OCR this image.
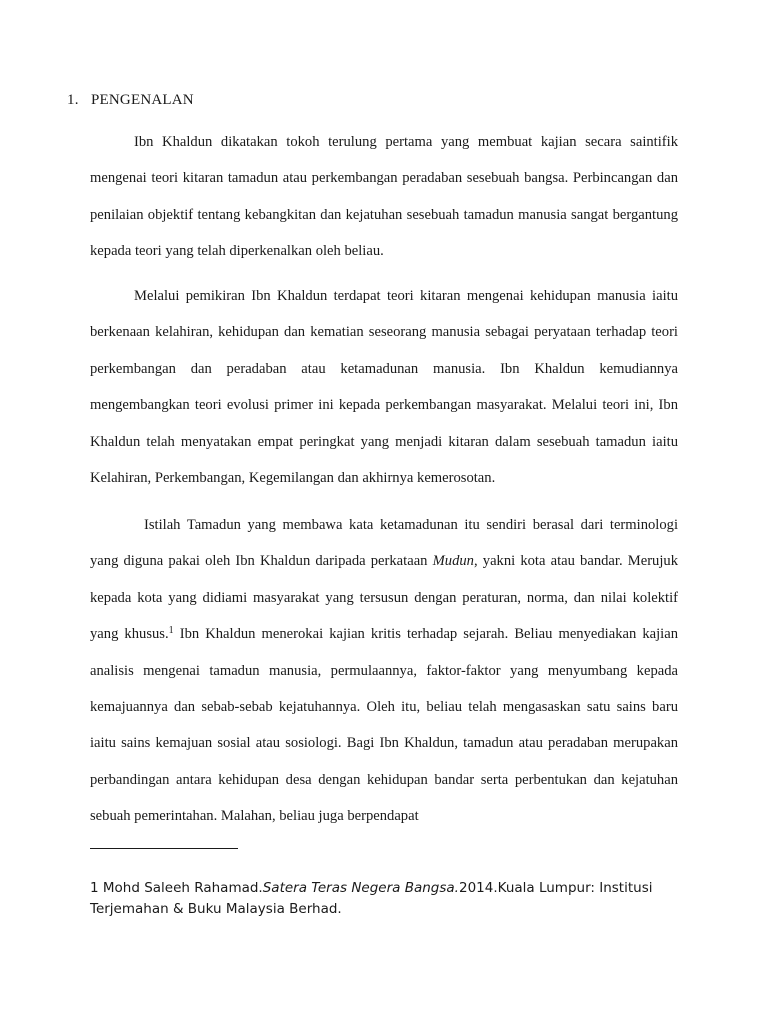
1. PENGENALAN

Ibn Khaldun dikatakan tokoh terulung pertama yang membuat kajian secara saintifik mengenai teori kitaran tamadun atau perkembangan peradaban sesebuah bangsa. Perbincangan dan penilaian objektif tentang kebangkitan dan kejatuhan sesebuah tamadun manusia sangat bergantung kepada teori yang telah diperkenalkan oleh beliau.

Melalui pemikiran Ibn Khaldun terdapat teori kitaran mengenai kehidupan manusia iaitu berkenaan kelahiran, kehidupan dan kematian seseorang manusia sebagai peryataan terhadap teori perkembangan dan peradaban atau ketamadunan manusia. Ibn Khaldun kemudiannya mengembangkan teori evolusi primer ini kepada perkembangan masyarakat. Melalui teori ini, Ibn Khaldun telah menyatakan empat peringkat yang menjadi kitaran dalam sesebuah tamadun iaitu Kelahiran, Perkembangan, Kegemilangan dan akhirnya kemerosotan.

Istilah Tamadun yang membawa kata ketamadunan itu sendiri berasal dari terminologi yang diguna pakai oleh Ibn Khaldun daripada perkataan Mudun, yakni kota atau bandar. Merujuk kepada kota yang didiami masyarakat yang tersusun dengan peraturan, norma, dan nilai kolektif yang khusus.$^1$ Ibn Khaldun menerokai kajian kritis terhadap sejarah. Beliau menyediakan kajian analisis mengenai tamadun manusia, permulaannya, faktor-faktor yang menyumbang kepada kemajuannya dan sebab-sebab kejatuhannya. Oleh itu, beliau telah mengasaskan satu sains baru iaitu sains kemajuan sosial atau sosiologi. Bagi Ibn Khaldun, tamadun atau peradaban merupakan perbandingan antara kehidupan desa dengan kehidupan bandar serta perbentukan dan kejatuhan sebuah pemerintahan. Malahan, beliau juga berpendapat

1 Mohd Saleeh Rahamad.Satera Teras Negera Bangsa.2014.Kuala Lumpur: Institusi Terjemahan & Buku Malaysia Berhad.
